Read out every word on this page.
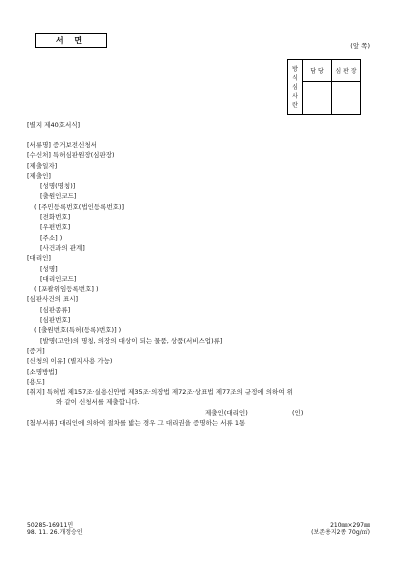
서 면
(앞 쪽)
방
식
심
사
란	담 당	심 판 장

[별지 제40호서식]
[서류명] 증거보전신청서
[수신처] 특허심판원장(심판장)
[제출일자]
[제출인]
[성명(명칭)]
[출원인코드]
( [주민등록번호(법인등록번호)]
[전화번호]
[우편번호]
[주소] )
[사건과의 관계]
[대리인]
[성명]
[대리인코드]
( [포괄위임등록번호] )
[심판사건의 표시]
[심판종류]
[심판번호]
( [출원번호(특허(등록)번호)] )
[발명(고안)의 명칭, 의장의 대상이 되는 물품, 상품(서비스업)류]
[증거]
[신청의 이유] (별지사용 가능)
[소명방법]
[용도]
[취지] 특허법 제157조·실용신안법 제35조·의장법 제72조·상표법 제77조의 규정에 의하여 위
와 같이 신청서를 제출합니다.
제출인(대리인)	(인)
[첨부서류] 대리인에 의하여 절차를 밟는 경우 그 대리권을 증명하는 서류 1통
50285-16911민
98. 11. 26.개정승인
210㎜×297㎜
(보존용지2종 70g/㎡)
